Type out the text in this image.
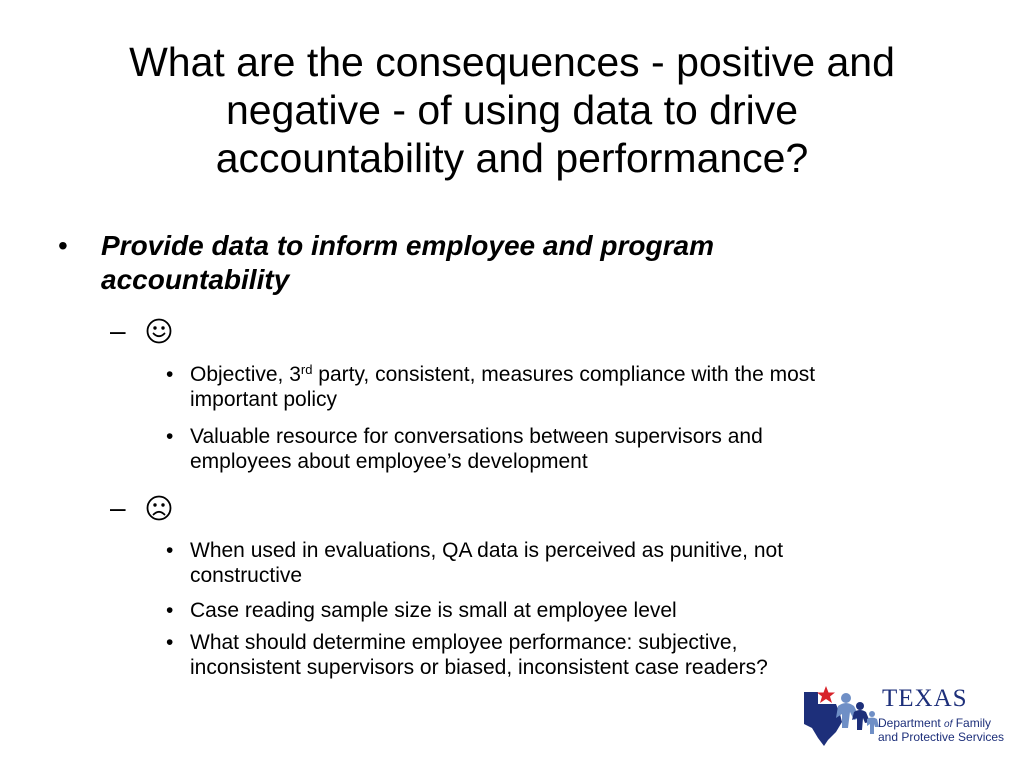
What are the consequences - positive and
negative - of using data to drive
accountability and performance?
• Provide data to inform employee and program
accountability
–
• Objective, 3rd party, consistent, measures compliance with the most
important policy
• Valuable resource for conversations between supervisors and
employees about employee’s development
–
• When used in evaluations, QA data is perceived as punitive, not
constructive
• Case reading sample size is small at employee level
• What should determine employee performance: subjective,
inconsistent supervisors or biased, inconsistent case readers?
TEXAS
Department of Family
and Protective Services
